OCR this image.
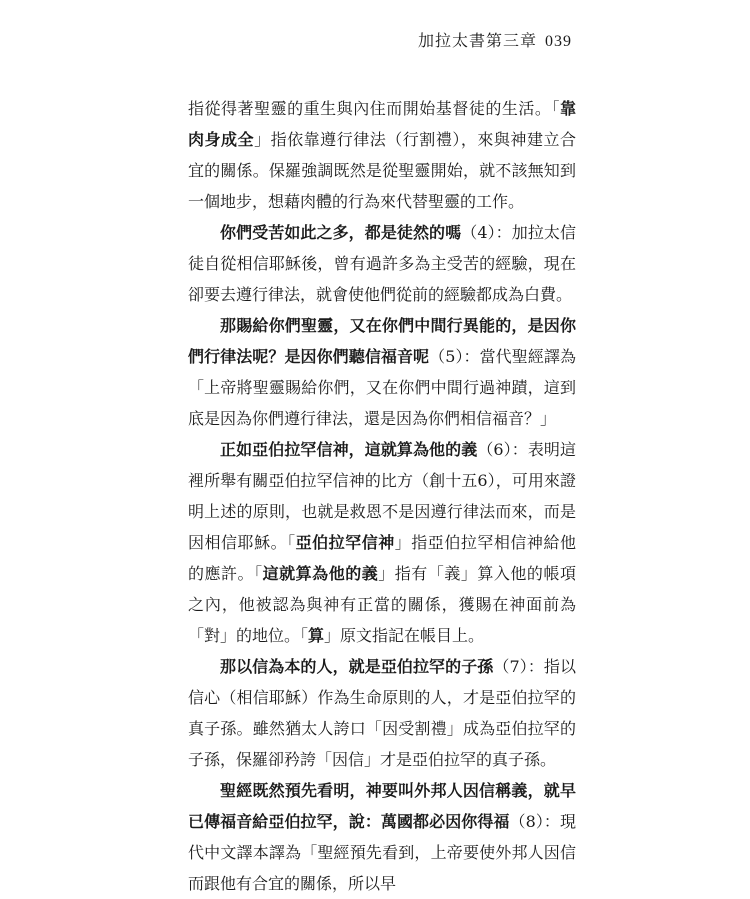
加拉太書第三章 039

指從得著聖靈的重生與內住而開始基督徒的生活。「靠肉身成全」指依靠遵行律法（行割禮），來與神建立合宜的關係。保羅強調既然是從聖靈開始，就不該無知到一個地步，想藉肉體的行為來代替聖靈的工作。

你們受苦如此之多，都是徒然的嗎（4）：加拉太信徒自從相信耶穌後，曾有過許多為主受苦的經驗，現在卻要去遵行律法，就會使他們從前的經驗都成為白費。

那賜給你們聖靈，又在你們中間行異能的，是因你們行律法呢？是因你們聽信福音呢（5）：當代聖經譯為「上帝將聖靈賜給你們，又在你們中間行過神蹟，這到底是因為你們遵行律法，還是因為你們相信福音？」

正如亞伯拉罕信神，這就算為他的義（6）：表明這裡所舉有關亞伯拉罕信神的比方（創十五6），可用來證明上述的原則，也就是救恩不是因遵行律法而來，而是因相信耶穌。「亞伯拉罕信神」指亞伯拉罕相信神給他的應許。「這就算為他的義」指有「義」算入他的帳項之內，他被認為與神有正當的關係，獲賜在神面前為「對」的地位。「算」原文指記在帳目上。

那以信為本的人，就是亞伯拉罕的子孫（7）：指以信心（相信耶穌）作為生命原則的人，才是亞伯拉罕的真子孫。雖然猶太人誇口「因受割禮」成為亞伯拉罕的子孫，保羅卻矜誇「因信」才是亞伯拉罕的真子孫。

聖經既然預先看明，神要叫外邦人因信稱義，就早已傳福音給亞伯拉罕，說：萬國都必因你得福（8）：現代中文譯本譯為「聖經預先看到，上帝要使外邦人因信而跟他有合宜的關係，所以早
